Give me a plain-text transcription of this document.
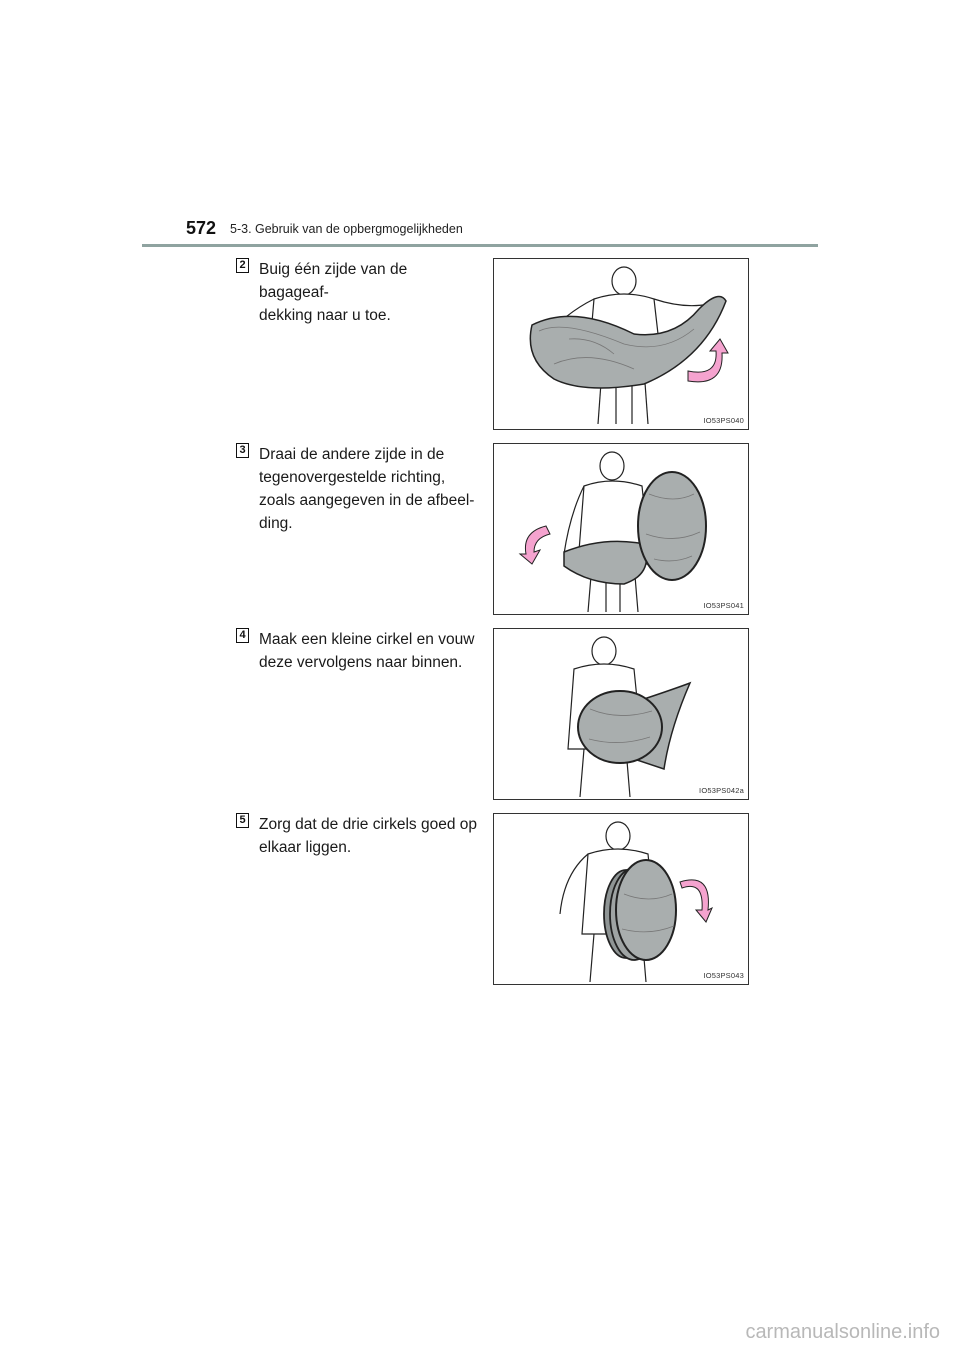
572 5-3. Gebruik van de opbergmogelijkheden
2 Buig één zijde van de bagageaf-
dekking naar u toe.
IO53PS040
3 Draai de andere zijde in de
tegenovergestelde richting,
zoals aangegeven in de afbeel-
ding.
IO53PS041
4 Maak een kleine cirkel en vouw
deze vervolgens naar binnen.
IO53PS042a
5 Zorg dat de drie cirkels goed op
elkaar liggen.
IO53PS043
carmanualsonline.info
